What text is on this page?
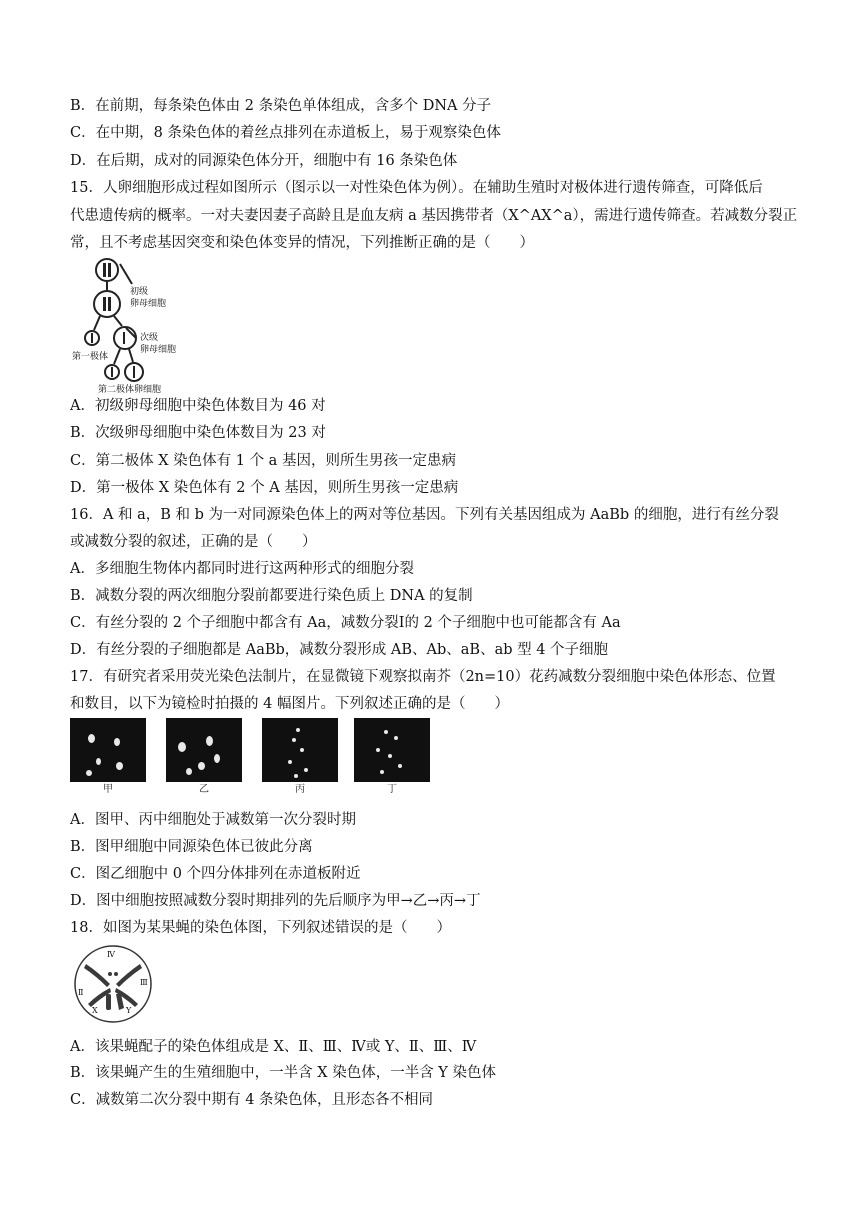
B．在前期，每条染色体由 2 条染色单体组成，含多个 DNA 分子
C．在中期，8 条染色体的着丝点排列在赤道板上，易于观察染色体
D．在后期，成对的同源染色体分开，细胞中有 16 条染色体
15．人卵细胞形成过程如图所示（图示以一对性染色体为例）。在辅助生殖时对极体进行遗传筛查，可降低后
代患遗传病的概率。一对夫妻因妻子高龄且是血友病 a 基因携带者（X^AX^a），需进行遗传筛查。若减数分裂正
常，且不考虑基因突变和染色体变异的情况，下列推断正确的是（　　）
初级
卵母细胞
次级
卵母细胞
第一极体
第二极体 卵细胞
A．初级卵母细胞中染色体数目为 46 对
B．次级卵母细胞中染色体数目为 23 对
C．第二极体 X 染色体有 1 个 a 基因，则所生男孩一定患病
D．第一极体 X 染色体有 2 个 A 基因，则所生男孩一定患病
16．A 和 a，B 和 b 为一对同源染色体上的两对等位基因。下列有关基因组成为 AaBb 的细胞，进行有丝分裂
或减数分裂的叙述，正确的是（　　）
A．多细胞生物体内都同时进行这两种形式的细胞分裂
B．减数分裂的两次细胞分裂前都要进行染色质上 DNA 的复制
C．有丝分裂的 2 个子细胞中都含有 Aa，减数分裂Ⅰ的 2 个子细胞中也可能都含有 Aa
D．有丝分裂的子细胞都是 AaBb，减数分裂形成 AB、Ab、aB、ab 型 4 个子细胞
17．有研究者采用荧光染色法制片，在显微镜下观察拟南芥（2n=10）花药减数分裂细胞中染色体形态、位置
和数目，以下为镜检时拍摄的 4 幅图片。下列叙述正确的是（　　）
甲	乙	丙	丁
A．图甲、丙中细胞处于减数第一次分裂时期
B．图甲细胞中同源染色体已彼此分离
C．图乙细胞中 0 个四分体排列在赤道板附近
D．图中细胞按照减数分裂时期排列的先后顺序为甲→乙→丙→丁
18．如图为某果蝇的染色体图，下列叙述错误的是（　　）
Ⅳ
Ⅱ
Ⅲ
X	Y
A．该果蝇配子的染色体组成是 X、Ⅱ、Ⅲ、Ⅳ或 Y、Ⅱ、Ⅲ、Ⅳ
B．该果蝇产生的生殖细胞中，一半含 X 染色体，一半含 Y 染色体
C．减数第二次分裂中期有 4 条染色体，且形态各不相同
